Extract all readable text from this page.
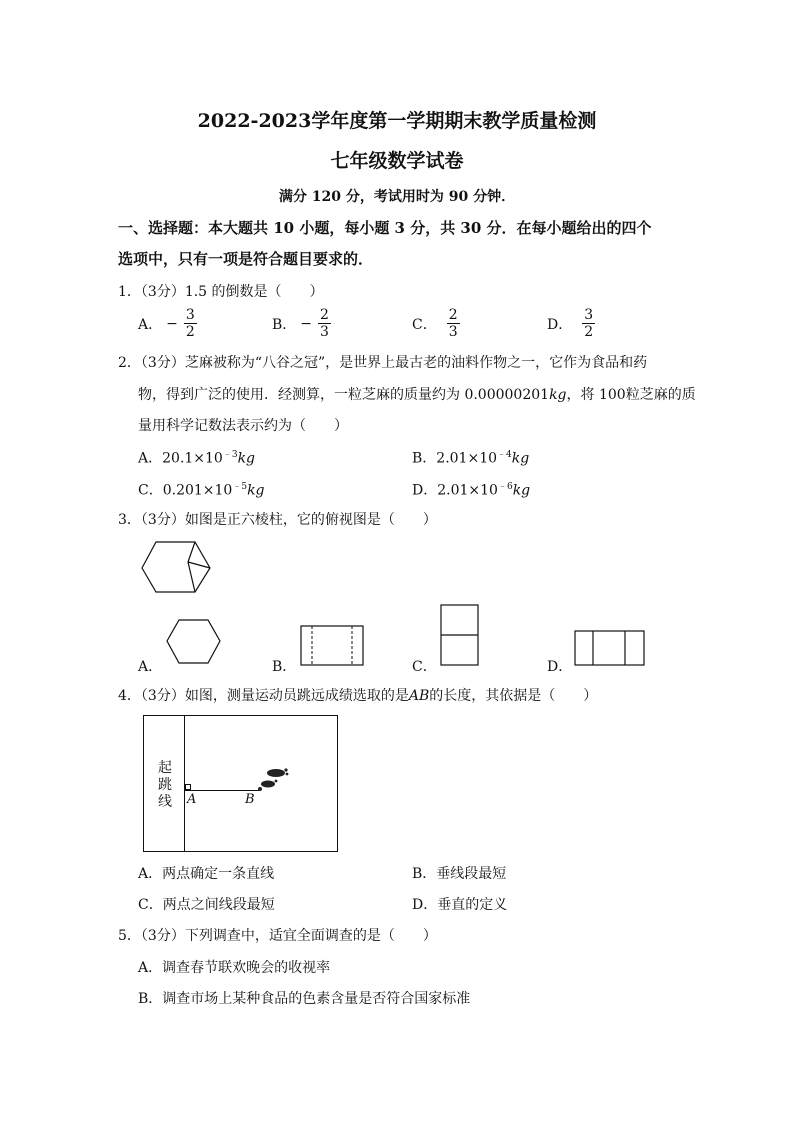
2022-2023学年度第一学期期末教学质量检测
七年级数学试卷
满分 120 分，考试用时为 90 分钟．
一、选择题：本大题共 10 小题，每小题 3 分，共 30 分．在每小题给出的四个
选项中，只有一项是符合题目要求的．
1．（3分）1.5 的倒数是（　　）
A． − $\frac{3}{2}$	B． − $\frac{2}{3}$	C． $\frac{2}{3}$	D． $\frac{3}{2}$
2．（3分）芝麻被称为“八谷之冠”，是世界上最古老的油料作物之一，它作为食品和药
物，得到广泛的使用．经测算，一粒芝麻的质量约为 0.00000201kg，将 100粒芝麻的质
量用科学记数法表示约为（　　）
A．$20.1\times 10^{﹣3}kg$	B．$2.01\times 10^{﹣4}kg$
C．$0.201\times 10^{﹣5}kg$	D．$2.01\times 10^{﹣6}kg$
3．（3分）如图是正六棱柱，它的俯视图是（　　）
A．	B．	C．	D．
4．（3分）如图，测量运动员跳远成绩选取的是AB的长度，其依据是（　　）
起
跳
线 A	B
A．两点确定一条直线	B．垂线段最短
C．两点之间线段最短	D．垂直的定义
5．（3分）下列调查中，适宜全面调查的是（　　）
A．调查春节联欢晚会的收视率
B．调查市场上某种食品的色素含量是否符合国家标准
